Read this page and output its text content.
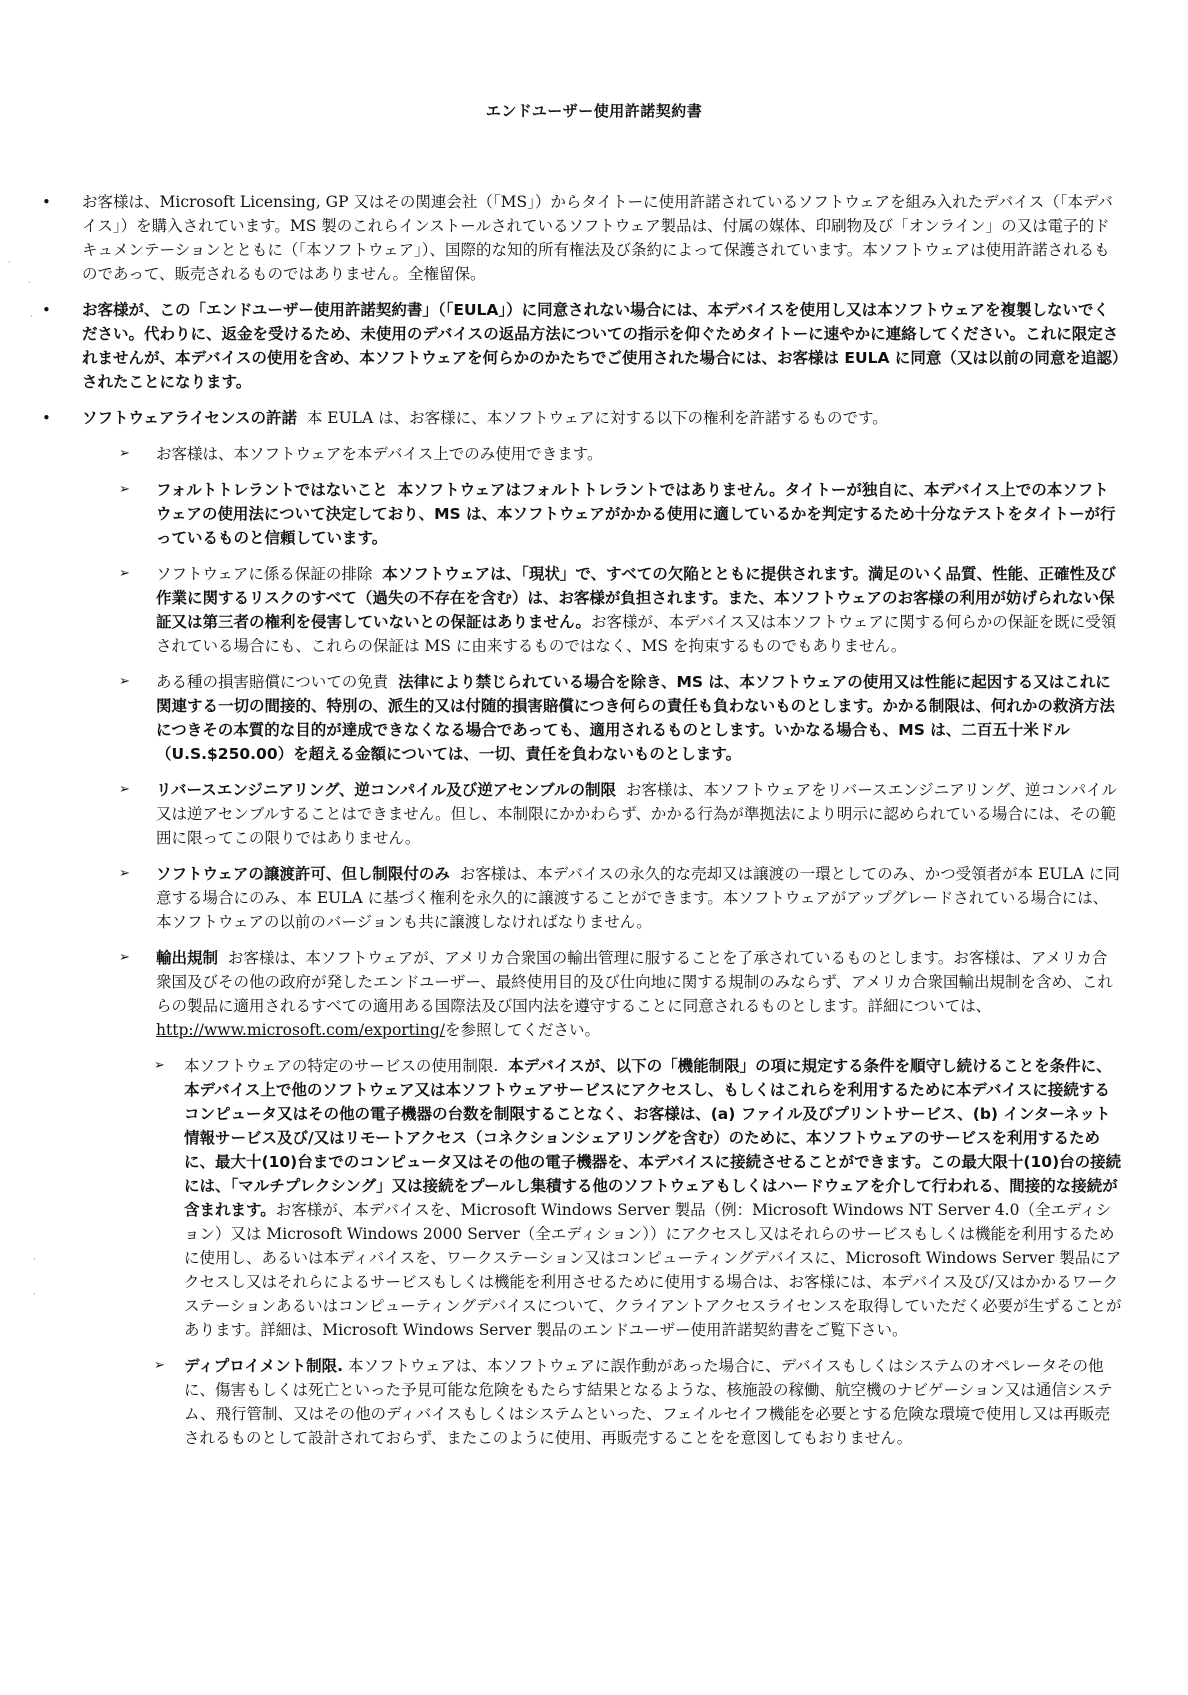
エンドユーザー使用許諾契約書
• お客様は、Microsoft Licensing, GP 又はその関連会社（「MS」）からタイトーに使用許諾されているソフトウェアを組み入れたデバイス（「本デバイス」）を購入されています。MS 製のこれらインストールされているソフトウェア製品は、付属の媒体、印刷物及び「オンライン」の又は電子的ドキュメンテーションとともに（「本ソフトウェア」）、国際的な知的所有権法及び条約によって保護されています。本ソフトウェアは使用許諾されるものであって、販売されるものではありません。全権留保。
• お客様が、この「エンドユーザー使用許諾契約書」（「EULA」）に同意されない場合には、本デバイスを使用し又は本ソフトウェアを複製しないでください。代わりに、返金を受けるため、未使用のデバイスの返品方法についての指示を仰ぐためタイトーに速やかに連絡してください。これに限定されませんが、本デバイスの使用を含め、本ソフトウェアを何らかのかたちでご使用された場合には、お客様は EULA に同意（又は以前の同意を追認）されたことになります。
• ソフトウェアライセンスの許諾 本 EULA は、お客様に、本ソフトウェアに対する以下の権利を許諾するものです。
➢ お客様は、本ソフトウェアを本デバイス上でのみ使用できます。
➢ フォルトトレラントではないこと 本ソフトウェアはフォルトトレラントではありません。タイトーが独自に、本デバイス上での本ソフトウェアの使用法について決定しており、MS は、本ソフトウェアがかかる使用に適しているかを判定するため十分なテストをタイトーが行っているものと信頼しています。
➢ ソフトウェアに係る保証の排除 本ソフトウェアは、「現状」で、すべての欠陥とともに提供されます。満足のいく品質、性能、正確性及び作業に関するリスクのすべて（過失の不存在を含む）は、お客様が負担されます。また、本ソフトウェアのお客様の利用が妨げられない保証又は第三者の権利を侵害していないとの保証はありません。お客様が、本デバイス又は本ソフトウェアに関する何らかの保証を既に受領されている場合にも、これらの保証は MS に由来するものではなく、MS を拘束するものでもありません。
➢ ある種の損害賠償についての免責 法律により禁じられている場合を除き、MS は、本ソフトウェアの使用又は性能に起因する又はこれに関連する一切の間接的、特別の、派生的又は付随的損害賠償につき何らの責任も負わないものとします。かかる制限は、何れかの救済方法につきその本質的な目的が達成できなくなる場合であっても、適用されるものとします。いかなる場合も、MS は、二百五十米ドル（U.S.$250.00）を超える金額については、一切、責任を負わないものとします。
➢ リバースエンジニアリング、逆コンパイル及び逆アセンブルの制限 お客様は、本ソフトウェアをリバースエンジニアリング、逆コンパイル又は逆アセンブルすることはできません。但し、本制限にかかわらず、かかる行為が準拠法により明示に認められている場合には、その範囲に限ってこの限りではありません。
➢ ソフトウェアの譲渡許可、但し制限付のみ お客様は、本デバイスの永久的な売却又は譲渡の一環としてのみ、かつ受領者が本 EULA に同意する場合にのみ、本 EULA に基づく権利を永久的に譲渡することができます。本ソフトウェアがアップグレードされている場合には、本ソフトウェアの以前のバージョンも共に譲渡しなければなりません。
➢ 輸出規制 お客様は、本ソフトウェアが、アメリカ合衆国の輸出管理に服することを了承されているものとします。お客様は、アメリカ合衆国及びその他の政府が発したエンドユーザー、最終使用目的及び仕向地に関する規制のみならず、アメリカ合衆国輸出規制を含め、これらの製品に適用されるすべての適用ある国際法及び国内法を遵守することに同意されるものとします。詳細については、http://www.microsoft.com/exporting/を参照してください。
➢ 本ソフトウェアの特定のサービスの使用制限. 本デバイスが、以下の「機能制限」の項に規定する条件を順守し続けることを条件に、本デバイス上で他のソフトウェア又は本ソフトウェアサービスにアクセスし、もしくはこれらを利用するために本デバイスに接続するコンピュータ又はその他の電子機器の台数を制限することなく、お客様は、(a) ファイル及びプリントサービス、(b) インターネット情報サービス及び/又はリモートアクセス（コネクションシェアリングを含む）のために、本ソフトウェアのサービスを利用するために、最大十(10)台までのコンピュータ又はその他の電子機器を、本デバイスに接続させることができます。この最大限十(10)台の接続には、「マルチプレクシング」又は接続をプールし集積する他のソフトウェアもしくはハードウェアを介して行われる、間接的な接続が含まれます。お客様が、本デバイスを、Microsoft Windows Server 製品（例：Microsoft Windows NT Server 4.0（全エディション）又は Microsoft Windows 2000 Server（全エディション））にアクセスし又はそれらのサービスもしくは機能を利用するために使用し、あるいは本ディバイスを、ワークステーション又はコンピューティングデバイスに、Microsoft Windows Server 製品にアクセスし又はそれらによるサービスもしくは機能を利用させるために使用する場合は、お客様には、本デバイス及び/又はかかるワークステーションあるいはコンピューティングデバイスについて、クライアントアクセスライセンスを取得していただく必要が生ずることがあります。詳細は、Microsoft Windows Server 製品のエンドユーザー使用許諾契約書をご覧下さい。
➢ ディプロイメント制限. 本ソフトウェアは、本ソフトウェアに誤作動があった場合に、デバイスもしくはシステムのオペレータその他に、傷害もしくは死亡といった予見可能な危険をもたらす結果となるような、核施設の稼働、航空機のナビゲーション又は通信システム、飛行管制、又はその他のディバイスもしくはシステムといった、フェイルセイフ機能を必要とする危険な環境で使用し又は再販売されるものとして設計されておらず、またこのように使用、再販売することをを意図してもおりません。
·
·
·
·
·
